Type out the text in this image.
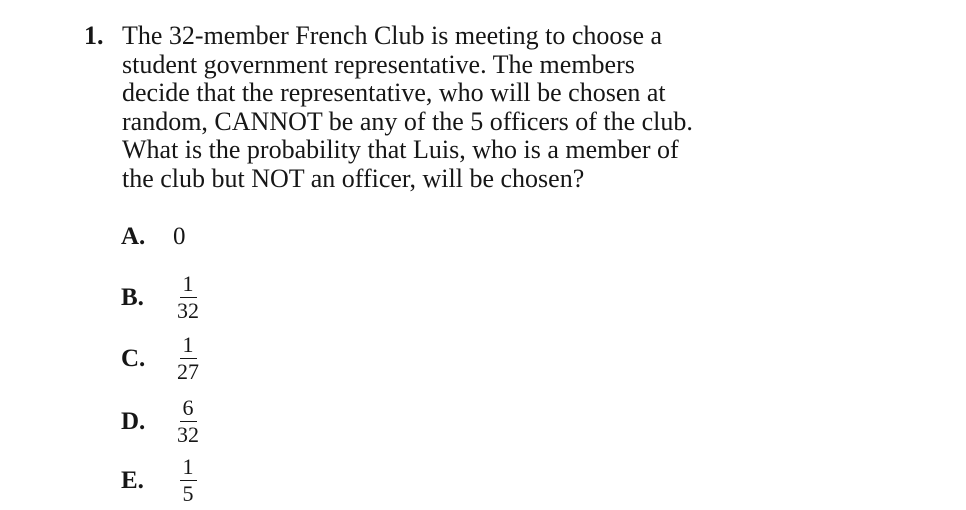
1. The 32-member French Club is meeting to choose a
student government representative. The members
decide that the representative, who will be chosen at
random, CANNOT be any of the 5 officers of the club.
What is the probability that Luis, who is a member of
the club but NOT an officer, will be chosen?
A.	0
B.	$\frac{1}{32}$
C.	$\frac{1}{27}$
D.	$\frac{6}{32}$
E.	$\frac{1}{5}$
